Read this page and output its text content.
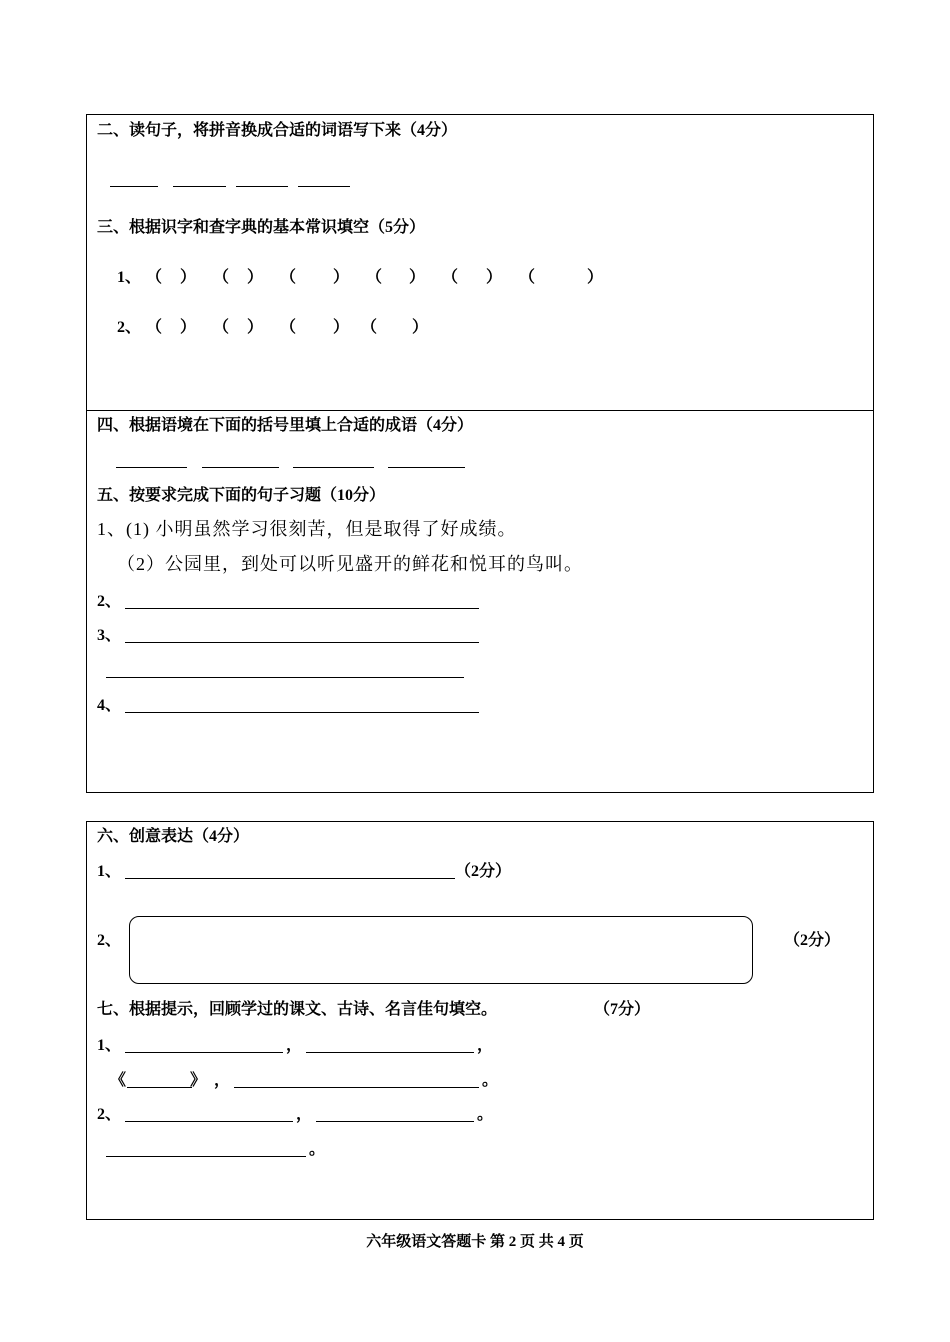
二、读句子，将拼音换成合适的词语写下来（4分）
三、根据识字和查字典的基本常识填空（5分）
1、 （ ） （ ） （ ） （ ） （ ） （	）
2、 （ ） （ ） （ ） （ ）
四、根据语境在下面的括号里填上合适的成语（4分）
五、按要求完成下面的句子习题（10分）
1、(1) 小明虽然学习很刻苦，但是取得了好成绩。
（2）公园里，到处可以听见盛开的鲜花和悦耳的鸟叫。
2、
3、
4、
六、创意表达（4分）
1、	（2分）
2、	（2分）
七、根据提示，回顾学过的课文、古诗、名言佳句填空。	（7分）
1、	，	，
《	》 ，	。
2、	，	。
。
六年级语文答题卡 第 2 页 共 4 页
